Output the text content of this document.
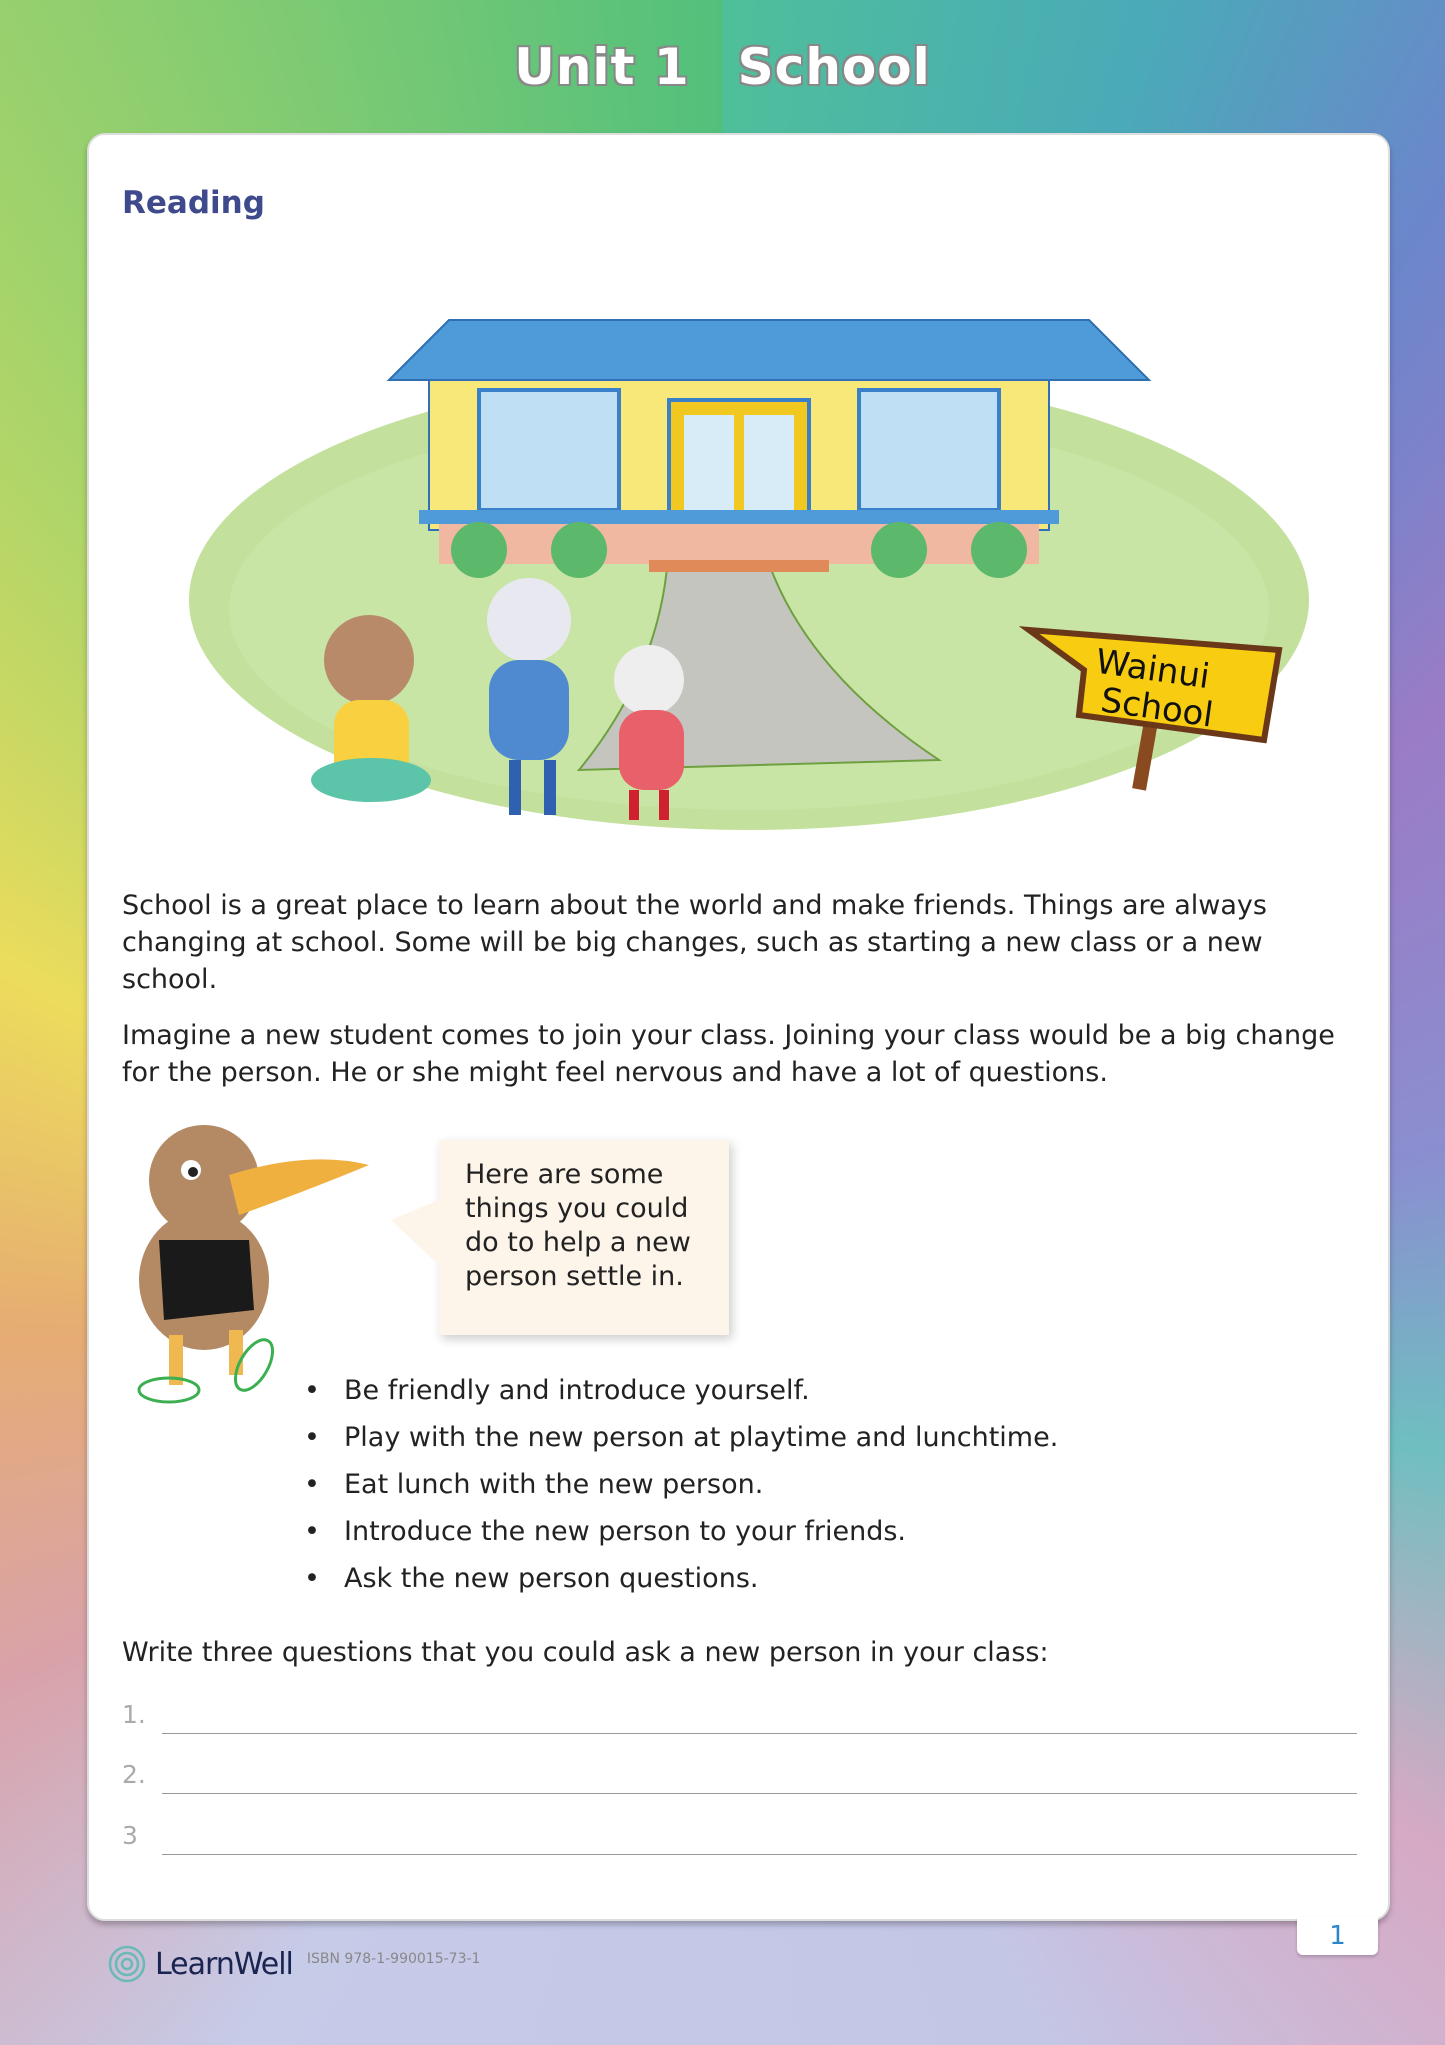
Unit 1 School
Reading
Wainui
School

School is a great place to learn about the world and make friends. Things are always changing at school. Some will be big changes, such as starting a new class or a new school.

Imagine a new student comes to join your class. Joining your class would be a big change for the person. He or she might feel nervous and have a lot of questions.

Here are some
things you could
do to help a new
person settle in.
• Be friendly and introduce yourself.
• Play with the new person at playtime and lunchtime.
• Eat lunch with the new person.
• Introduce the new person to your friends.
• Ask the new person questions.
Write three questions that you could ask a new person in your class:
1.
2.
3
1
LearnWell ISBN 978-1-990015-73-1
